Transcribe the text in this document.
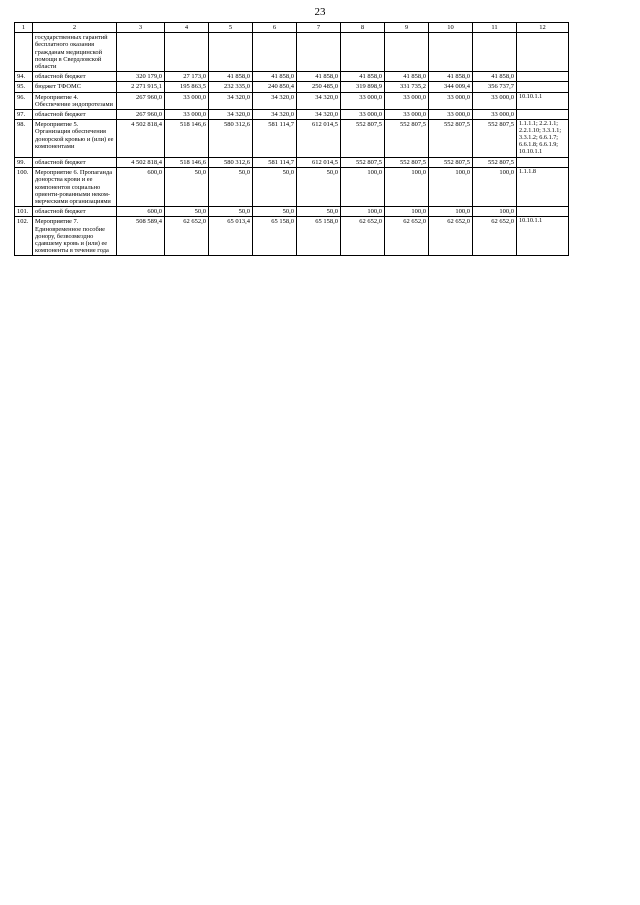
23
1	2	3	4	5	6	7	8	9	10	11	12
	государственных гарантий бесплатного оказания гражданам медицинской помощи в Свердловской области										
94.	областной бюджет	320 179,0	27 173,0	41 858,0	41 858,0	41 858,0	41 858,0	41 858,0	41 858,0	41 858,0	
95.	бюджет ТФОМС	2 271 915,1	195 863,5	232 335,0	240 850,4	250 485,0	319 898,9	331 735,2	344 009,4	356 737,7	
96.	Мероприятие 4. Обеспечение эндопротезами	267 960,0	33 000,0	34 320,0	34 320,0	34 320,0	33 000,0	33 000,0	33 000,0	33 000,0	10.10.1.1
97.	областной бюджет	267 960,0	33 000,0	34 320,0	34 320,0	34 320,0	33 000,0	33 000,0	33 000,0	33 000,0	
98.	Мероприятие 5. Организация обеспечения донорской кровью и (или) ее компонентами	4 502 818,4	518 146,6	580 312,6	581 114,7	612 014,5	552 807,5	552 807,5	552 807,5	552 807,5	1.1.1.1; 2.2.1.1; 2.2.1.10; 3.3.1.1; 3.3.1.2; 6.6.1.7; 6.6.1.8; 6.6.1.9; 10.10.1.1
99.	областной бюджет	4 502 818,4	518 146,6	580 312,6	581 114,7	612 014,5	552 807,5	552 807,5	552 807,5	552 807,5	
100.	Мероприятие 6. Пропаганда донорства крови и ее компонентов социально ориенти-рованными неком-мерческими организациями	600,0	50,0	50,0	50,0	50,0	100,0	100,0	100,0	100,0	1.1.1.8
101.	областной бюджет	600,0	50,0	50,0	50,0	50,0	100,0	100,0	100,0	100,0	
102.	Мероприятие 7. Единовременное пособие донору, безвозмездно сдавшему кровь и (или) ее компоненты в течение года	508 589,4	62 652,0	65 013,4	65 158,0	65 158,0	62 652,0	62 652,0	62 652,0	62 652,0	10.10.1.1
